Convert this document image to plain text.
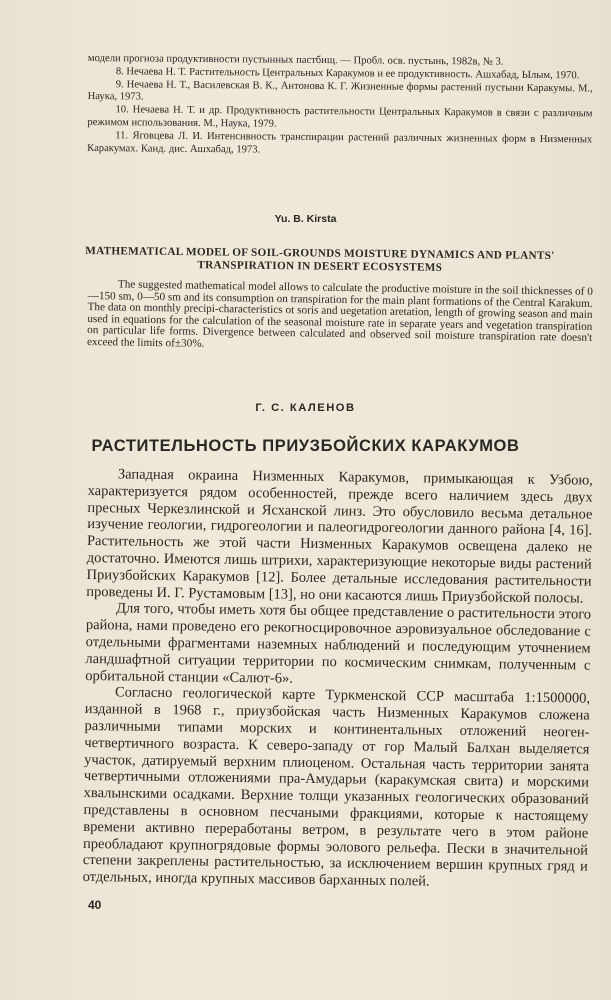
модели прогноза продуктивности пустынных пастбищ. — Пробл. осв. пустынь, 1982в, № 3.

8. Нечаева Н. Т. Растительность Центральных Каракумов и ее продуктивность. Ашхабад, Ылым, 1970.

9. Нечаева Н. Т., Василевская В. К., Антонова К. Г. Жизненные формы растений пустыни Каракумы. М., Наука, 1973.

10. Нечаева Н. Т. и др. Продуктивность растительности Центральных Каракумов в связи с различным режимом использования. М., Наука, 1979.

11. Яговцева Л. И. Интенсивность транспирации растений различных жизненных форм в Низменных Каракумах. Канд. дис. Ашхабад, 1973.

Yu. B. Kirsta
MATHEMATICAL MODEL OF SOIL-GROUNDS MOISTURE DYNAMICS AND PLANTS' TRANSPIRATION IN DESERT ECOSYSTEMS

The suggested mathematical model allows to calculate the productive moisture in the soil thicknesses of 0—150 sm, 0—50 sm and its consumption on transpiration for the main plant formations of the Central Karakum. The data on monthly precipi-characteristics ot soris and uegetation aretation, length of growing season and main used in equations for the calculation of the seasonal moisture rate in separate years and vegetation transpiration on particular life forms. Divergence between calculated and observed soil moisture transpiration rate doesn't exceed the limits of±30%.

Г. С. КАЛЕНОВ
РАСТИТЕЛЬНОСТЬ ПРИУЗБОЙСКИХ КАРАКУМОВ

Западная окраина Низменных Каракумов, примыкающая к Узбою, характеризуется рядом особенностей, прежде всего наличием здесь двух пресных Черкезлинской и Ясханской линз. Это обусловило весьма детальное изучение геологии, гидрогеологии и палеогидрогеологии данного района [4, 16]. Растительность же этой части Низменных Каракумов освещена далеко не достаточно. Имеются лишь штрихи, характеризующие некоторые виды растений Приузбойских Каракумов [12]. Более детальные исследования растительности проведены И. Г. Рустамовым [13], но они касаются лишь Приузбойской полосы.

Для того, чтобы иметь хотя бы общее представление о растительности этого района, нами проведено его рекогносцировочное аэровизуальное обследование с отдельными фрагментами наземных наблюдений и последующим уточнением ландшафтной ситуации территории по космическим снимкам, полученным с орбитальной станции «Салют-6».

Согласно геологической карте Туркменской ССР масштаба 1:1500000, изданной в 1968 г., приузбойская часть Низменных Каракумов сложена различными типами морских и континентальных отложений неоген-четвертичного возраста. К северо-западу от гор Малый Балхан выделяется участок, датируемый верхним плиоценом. Остальная часть территории занята четвертичными отложениями пра-Амударьи (каракумская свита) и морскими хвалынскими осадками. Верхние толщи указанных геологических образований представлены в основном песчаными фракциями, которые к настоящему времени активно переработаны ветром, в результате чего в этом районе преобладают крупногрядовые формы эолового рельефа. Пески в значительной степени закреплены растительностью, за исключением вершин крупных гряд и отдельных, иногда крупных массивов барханных полей.

40
